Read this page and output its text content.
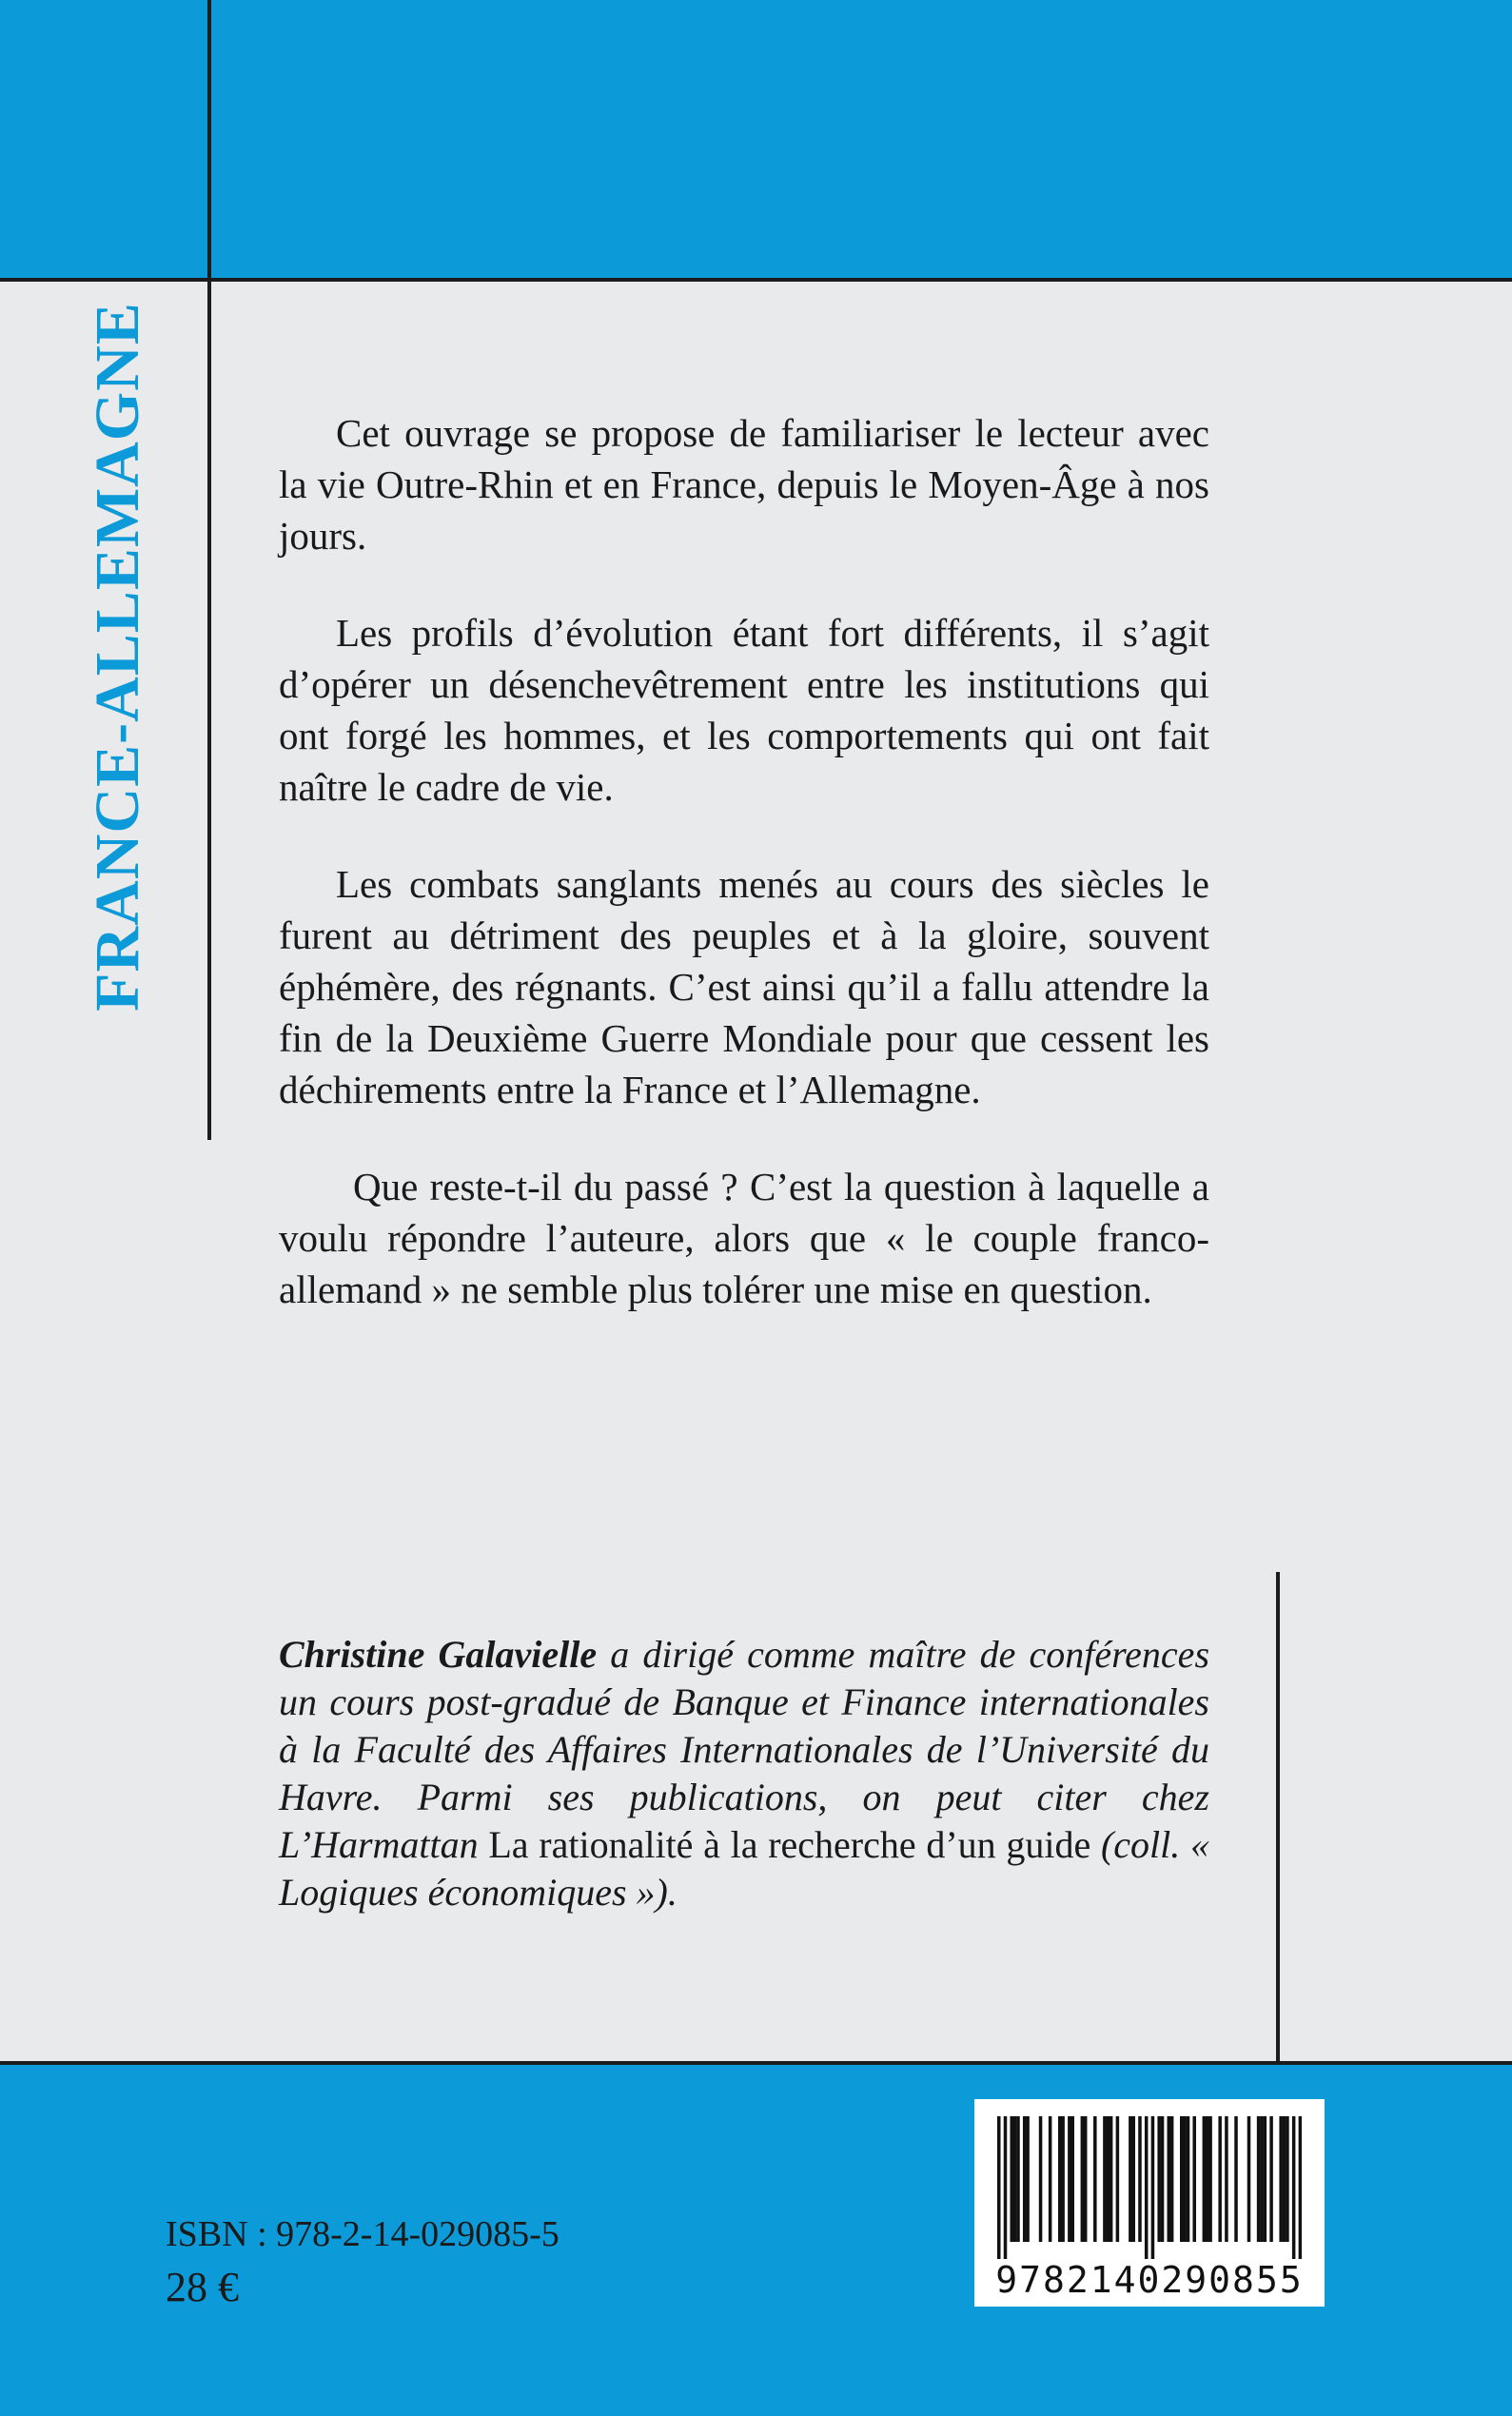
FRANCE-ALLEMAGNE	Cet ouvrage se propose de familiariser le lecteur avec la vie Outre-Rhin et en France, depuis le Moyen-Âge à nos jours.

Les profils d’évolution étant fort différents, il s’agit d’opérer un désenchevêtrement entre les institutions qui ont forgé les hommes, et les comportements qui ont fait naître le cadre de vie.

Les combats sanglants menés au cours des siècles le furent au détriment des peuples et à la gloire, souvent éphémère, des régnants. C’est ainsi qu’il a fallu attendre la fin de la Deuxième Guerre Mondiale pour que cessent les déchirements entre la France et l’Allemagne.

Que reste-t-il du passé ? C’est la question à laquelle a voulu répondre l’auteure, alors que « le couple franco-allemand » ne semble plus tolérer une mise en question.

Christine Galavielle a dirigé comme maître de conférences un cours post-gradué de Banque et Finance internationales à la Faculté des Affaires Internationales de l’Université du Havre. Parmi ses publications, on peut citer chez L’Harmattan La rationalité à la recherche d’un guide (coll. « Logiques économiques »).
ISBN : 978-2-14-029085-5
28 €	9782140290855
